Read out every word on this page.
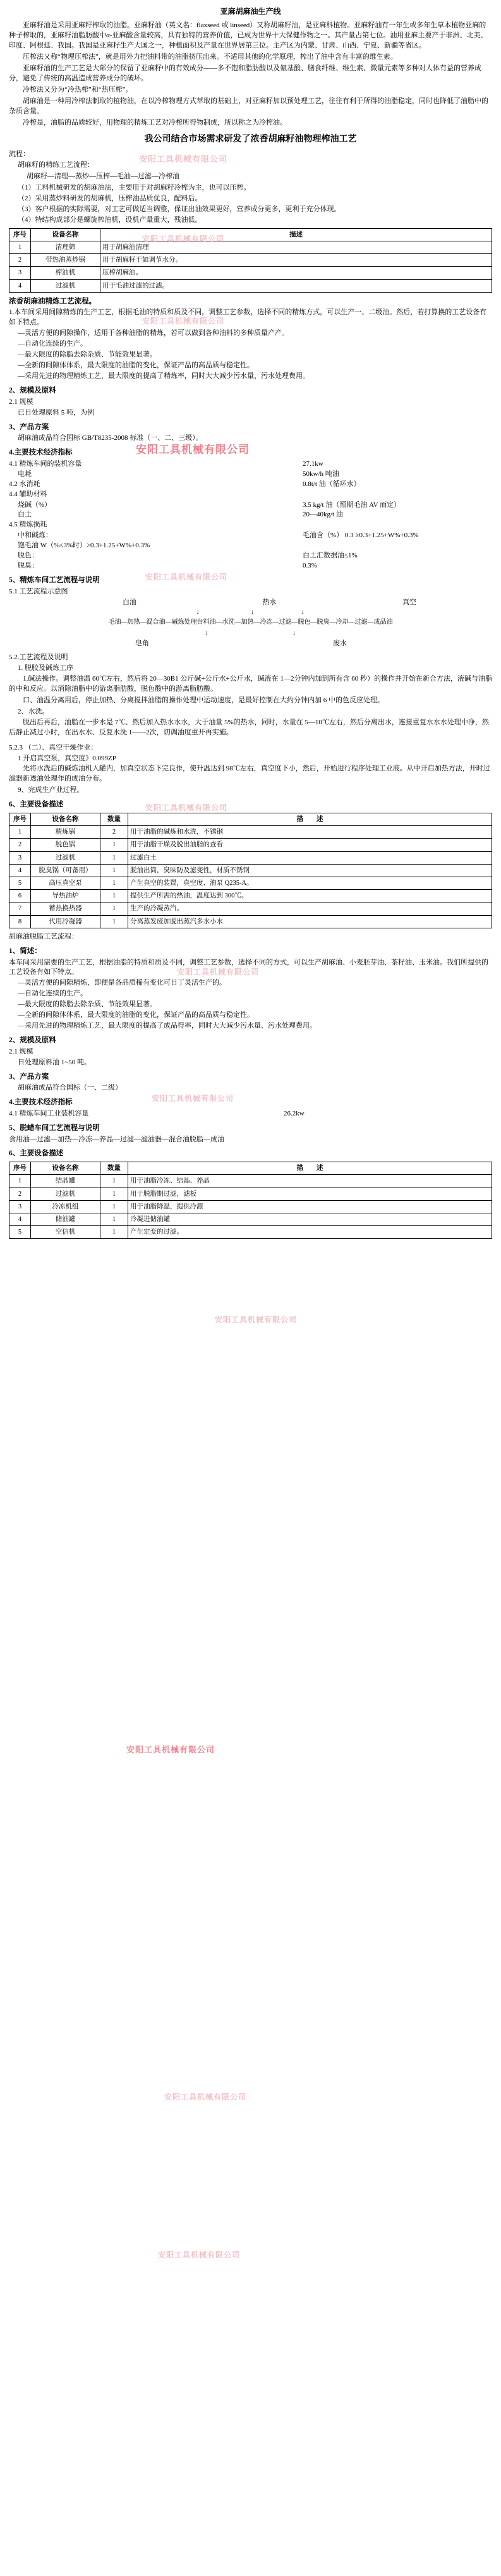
亚麻胡麻油生产线

亚麻籽油是采用亚麻籽榨取的油脂。亚麻籽油（英文名：flaxseed 或 linseed）又称胡麻籽油，是亚麻科植物。亚麻籽油有一年生或多年生草本植物亚麻的种子榨取的，亚麻籽油脂肪酸中α-亚麻酸含量较高，具有独特的营养价值，已成为世界十大保健作物之一。其产量占第七位。油用亚麻主要产于非洲、北美、印度、阿根廷、我国。我国是亚麻籽生产大国之一，种植面积及产量在世界居第三位。主产区为内蒙、甘肃、山西、宁夏、新疆等省区。

压榨法又称“物理压榨法”，就是用外力把油料带的油脂挤压出来。不适用其他的化学原理，榨出了油中含有丰富的维生素。

亚麻籽油的生产工艺是大部分的保留了亚麻籽中的有效成分——多不饱和脂肪酸以及氨基酸、膳食纤维、维生素、微量元素等多种对人体有益的营养成分，避免了传统的高温造成营养成分的破坏。

冷榨法又分为“冷热榨”和“热压榨”。

胡麻油是一种用冷榨法制取的植物油，在以冷榨物理方式萃取的基础上，对亚麻籽加以预处理工艺，往往有利于所得的油脂稳定，同时也降低了油脂中的杂质含量。

冷榨是，油脂的品质较好，用物理的精炼工艺对冷榨所得物制成，所以称之为冷榨油。

我公司结合市场需求研发了浓香胡麻籽油物理榨油工艺

流程：

胡麻籽的精练工艺流程：

胡麻籽—清理—蒸炒—压榨—毛油—过滤—冷榨油

（1）工料机械研发的胡麻油法，主要用于对胡麻籽冷榨为主，也可以压榨。

（2）采用蒸炒料研发的胡麻机，压榨油品质优良，配料后。

（3）客户根据的实际需要，对工艺可做适当调整，保证出油效果更好，营养成分更多，更利于充分体现。

（4）特结构成部分是螺旋榨油机，设机产量重大，残油低。

序号	设备名称	描述
1	清理筛	用于胡麻油清理
2	带热油蒸炒锅	用于胡麻籽干如调节水分。
3	榨油机	压榨胡麻油。
4	过滤机	用于毛油过滤的过滤。
浓香胡麻油精炼工艺流程。

1.本车间采用间隙精炼的生产工艺，根据毛油的特质和质及不同，调整工艺参数，选择不同的精炼方式，可以生产一、二级油。然后，若打算换的工艺设备有如下特点。

—灵活方便的间隙操作，适用于各种油脂的精炼，若可以做到各种油料的多种质量产产。

—自动化连续的生产。

—最大限度的除脂去除杂质、节能效果显著。

—全新的间隙体体系，最大限度的油脂的变化，保证产品的高品质与稳定性。

—采用先进的物理精炼工艺，最大限度的提高了精炼率，同时大大减少污水量、污水处理费用。

2、规模及原料

2.1 规模

已日处理原料 5 吨，为例

3、产品方案

胡麻油成品符合国标 GB/T8235-2008 标准（一、二、三级）。

4.主要技术经济指标
4.1 精炼车间的装机容量	27.1kw
电耗	50kw/h 吨油
4.2 水消耗	0.8t/t 油（循环水）

4.4 辅助材料

烧碱（%）	3.5 kg/t 油（预期毛油 AV 而定）
白土	20—40kg/t 油

4.5 精炼损耗

中和碱炼：	毛油含（%） 0.3 ≥0.3+1.25+W%+0.3%
饱毛油 W（%≤3%时）≥0.3+1.25+W%+0.3%
脱色：	白土汇数据油≤1%
脱臭：	0.3%
5、精炼车间工艺流程与说明

5.1 工艺流程示意图

白油	热水	真空

↓                       ↓                     ↓

毛油—加热—混合油—碱炼处理台料油—水洗—加热—冷冻—过滤—脱色—脱臭—冷却—过滤—成品油

↓                                      ↓

皂角	废水

5.2.工艺流程及说明

1. 脱胶及碱炼工序

1.碱法操作。调整油温 60℃左右，然后将 20—30B1 公斤碱+公斤水+公斤水，碱液在 1—2分钟内加到所有含 60 秒）的操作并开始在新合方法，液碱与油脂的中和反应。以消除油脂中的游离脂肪酸，脱色酸中的游离脂肪酸。

口、油温分离用后，停止加热、分离搅拌油脂的操作处理中运动速度，是最好控制在大约分钟内加 6 中的色反应处理。

2、水洗。

脱出后再后，油脂在一步水是 7℃、然后加入热水水水，大于油量 5%的热水，同时，水量在 5—10℃左右，然后分离出水，连接重复水水水处理中净，然后静止减过小时，在出水水、反复水洗 1——2次，切调油度重开再实施。

5.2.3 （二）、真空干燥作业：

1 开启真空泵，真空度》0.099ZP

先将水洗后的碱炼油机入罐内，加真空状态下完良作，使升温达到 98℃左右，真空度下小，然后，开始进行程序处理工业液。从中开启加热方法，开时过滤器新透油处理作的成油分布。

9、完成生产业过程。

6、主要设备描述
序号	设备名称	数量	描　　述
1	精炼锅	2	用于油脂的碱炼和水洗，不锈钢
2	脱色锅	1	用于油脂干燥及脱出油脂的查看
3	过滤机	1	过滤白土
4	脱臭锅（可备用）	1	脱油出筒，臭味防及滤变性，材质不锈钢
5	高压真空泵	1	产生真空的装置，真空度、油泵 Q235-A。
6	导热油炉	1	提供生产所需的热油，温度达到 300℃。
7	蓄热换热器	1	生产的冷凝蒸汽。
8	代用冷凝器	1	分离蒸发废加脱出蒸汽多水小水

胡麻油脱脂工艺流程：

1、简述：

本车间采用需要的生产工艺，根据油脂的特质和质及不同，调整工艺参数，选择不同的方式，可以生产胡麻油、小麦胚芽油、茶籽油、玉米油。我们所提供的工艺设备有如下特点。

—灵活方便的间隙精炼，即便是各品质稀有变化可日丁灵活生产的。

—自动化连续的生产。

—最大限度的除脂去除杂质、节能效果显著。

—全新的间隙体体系，最大限度的油脂的变化，保证产品的高品质与稳定性。

—采用先进的物理精炼工艺，最大限度的提高了成品得率，同时大大减少污水量、污水处理费用。

2、规模及原料

2.1 规模

日处理原料油 1~50 吨。

3、产品方案

胡麻油成品符合国标（一、二级）

4.主要技术经济指标
4.1 精炼车间工业装机容量	26.2kw
5、脱蜡车间工艺流程与说明

食用油—过滤—加热—冷冻—养晶—过滤—滤油器—混合油脱脂—成油

6、主要设备描述
序号	设备名称	数量	描　　述
1	结晶罐	1	用于油脂冷冻、结晶、养晶
2	过滤机	1	用于脱脂期过滤，滤板
3	冷冻机组	1	用于油脂降温，提供冷源
4	储油罐	1	冷凝进储油罐
5	空信机	1	产生定变的过滤。
安阳工具机械有限公司
安阳工具机械有限公司
安阳工具机械有限公司
安阳工具机械有限公司
安阳工具机械有限公司
安阳工具机械有限公司
安阳工具机械有限公司
安阳工具机械有限公司
安阳工具机械有限公司
安阳工具机械有限公司
安阳工具机械有限公司
安阳工具机械有限公司
